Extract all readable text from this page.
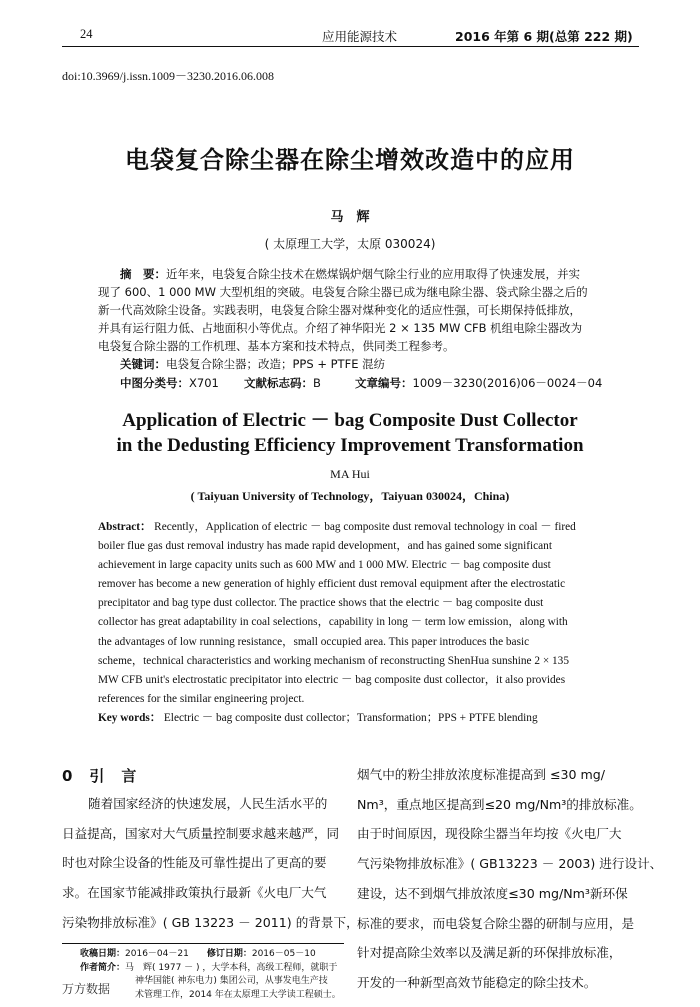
24	应用能源技术	2016 年第 6 期(总第 222 期)
doi:10.3969/j.issn.1009－3230.2016.06.008
电袋复合除尘器在除尘增效改造中的应用
马　辉
( 太原理工大学，太原 030024)
摘　要：近年来，电袋复合除尘技术在燃煤锅炉烟气除尘行业的应用取得了快速发展，并实
现了 600、1 000 MW 大型机组的突破。电袋复合除尘器已成为继电除尘器、袋式除尘器之后的
新一代高效除尘设备。实践表明，电袋复合除尘器对煤种变化的适应性强，可长期保持低排放，
并具有运行阻力低、占地面积小等优点。介绍了神华阳光 2 × 135 MW CFB 机组电除尘器改为
电袋复合除尘器的工作机理、基本方案和技术特点，供同类工程参考。
关键词：电袋复合除尘器；改造；PPS + PTFE 混纺
中图分类号：X701 文献标志码：B	文章编号：1009－3230(2016)06－0024－04
Application of Electric － bag Composite Dust Collector
in the Dedusting Efficiency Improvement Transformation
MA Hui
( Taiyuan University of Technology，Taiyuan 030024，China)
Abstract： Recently，Application of electric － bag composite dust removal technology in coal － fired
boiler flue gas dust removal industry has made rapid development，and has gained some significant
achievement in large capacity units such as 600 MW and 1 000 MW. Electric － bag composite dust
remover has become a new generation of highly efficient dust removal equipment after the electrostatic
precipitator and bag type dust collector. The practice shows that the electric － bag composite dust
collector has great adaptability in coal selections，capability in long － term low emission，along with
the advantages of low running resistance，small occupied area. This paper introduces the basic
scheme，technical characteristics and working mechanism of reconstructing ShenHua sunshine 2 × 135
MW CFB unit's electrostatic precipitator into electric － bag composite dust collector，it also provides
references for the similar engineering project.
Key words： Electric － bag composite dust collector；Transformation；PPS + PTFE blending
0　引　言
随着国家经济的快速发展，人民生活水平的
日益提高，国家对大气质量控制要求越来越严，同
时也对除尘设备的性能及可靠性提出了更高的要
求。在国家节能减排政策执行最新《火电厂大气
污染物排放标准》( GB 13223 － 2011) 的背景下，
收稿日期：2016－04－21　　 修订日期：2016－05－10
作者简介：马　辉( 1977 － ) ，大学本科，高级工程师，就职于
神华国能( 神东电力) 集团公司，从事发电生产技
术管理工作，2014 年在太原理工大学读工程硕士。
烟气中的粉尘排放浓度标准提高到 ≤30 mg/
Nm³，重点地区提高到≤20 mg/Nm³的排放标准。
由于时间原因，现役除尘器当年均按《火电厂大
气污染物排放标准》( GB13223 － 2003) 进行设计、
建设，达不到烟气排放浓度≤30 mg/Nm³新环保
标准的要求，而电袋复合除尘器的研制与应用，是
针对提高除尘效率以及满足新的环保排放标准，
开发的一种新型高效节能稳定的除尘技术。
万方数据
